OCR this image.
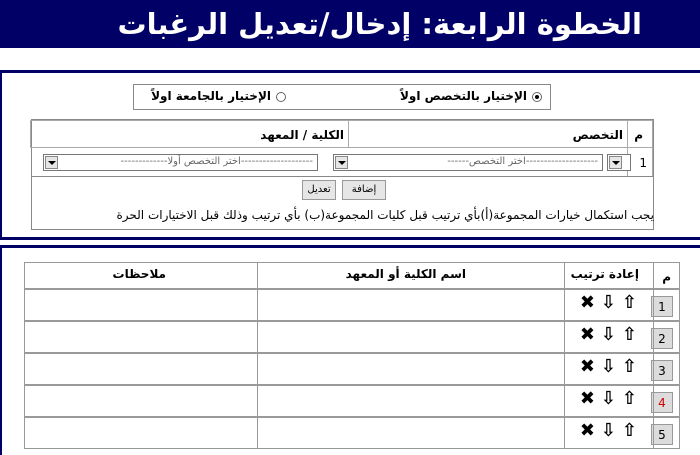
الخطوة الرابعة: إدخال/تعديل الرغبات
الإختيار بالتخصص اولاً
الإختيار بالجامعة اولاً
م
التخصص
الكلية / المعهد
1
--------------------اختر التخصص------
--------------------اختر التخصص أولا-------------
إضافة
تعديل
يجب استكمال خيارات المجموعة(أ)بأي ترتيب قبل كليات المجموعة(ب) بأي ترتيب وذلك قبل الاختيارات الحرة
م
إعادة ترتيب
اسم الكلية أو المعهد
ملاحظات
1
✖ ⇩ ⇧
2
✖ ⇩ ⇧
3
✖ ⇩ ⇧
4
✖ ⇩ ⇧
5
✖ ⇩ ⇧
